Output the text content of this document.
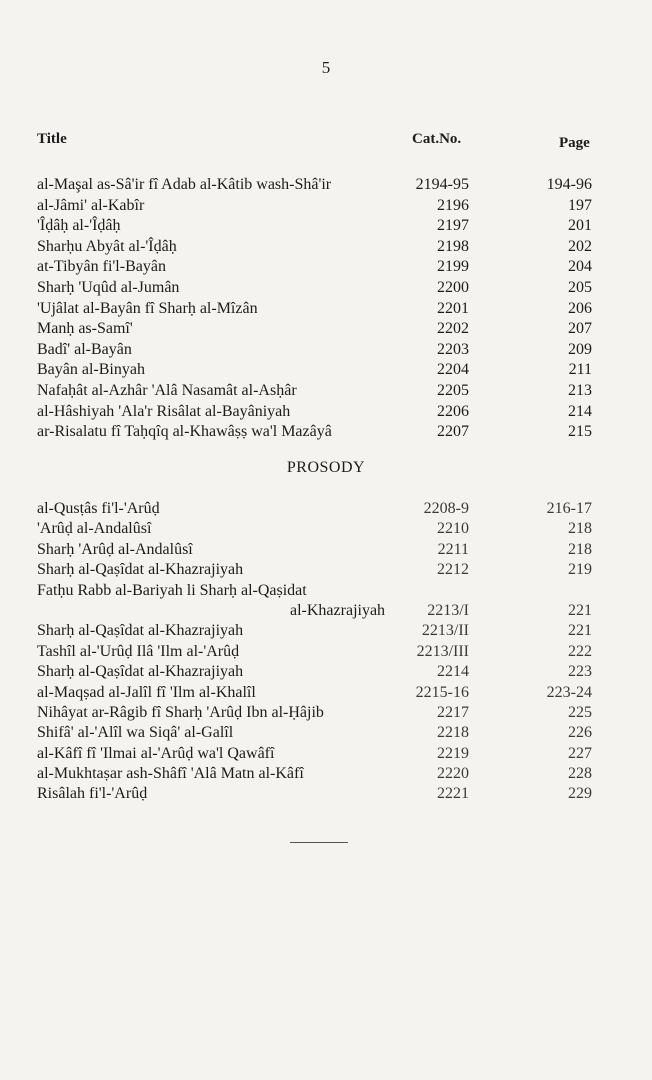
5
Title	Cat.No.	Page
al-Maşal as-Sâ'ir fî Adab al-Kâtib wash-Shâ'ir	2194-95	194-96
al-Jâmi' al-Kabîr	2196	197
'Îḍâḥ al-'Îḍâḥ	2197	201
Sharḥu Abyât al-'Îḍâḥ	2198	202
at-Tibyân fi'l-Bayân	2199	204
Sharḥ 'Uqûd al-Jumân	2200	205
'Ujâlat al-Bayân fî Sharḥ al-Mîzân	2201	206
Manḥ as-Samî'	2202	207
Badî' al-Bayân	2203	209
Bayân al-Binyah	2204	211
Nafaḥât al-Azhâr 'Alâ Nasamât al-Asḥâr	2205	213
al-Hâshiyah 'Ala'r Risâlat al-Bayâniyah	2206	214
ar-Risalatu fî Taḥqîq al-Khawâṣṣ wa'l Mazâyâ	2207	215
PROSODY
al-Qusṭâs fi'l-'Arûḍ	2208-9	216-17
'Arûḍ al-Andalûsî	2210	218
Sharḥ 'Arûḍ al-Andalûsî	2211	218
Sharḥ al-Qaṣîdat al-Khazrajiyah	2212	219
Fatḥu Rabb al-Bariyah li Sharḥ al-Qaṣidat
al-Khazrajiyah	2213/I	221
Sharḥ al-Qaṣîdat al-Khazrajiyah	2213/II	221
Tashîl al-'Urûḍ Ilâ 'Ilm al-'Arûḍ	2213/III	222
Sharḥ al-Qaṣîdat al-Khazrajiyah	2214	223
al-Maqṣad al-Jalîl fî 'Ilm al-Khalîl	2215-16	223-24
Nihâyat ar-Râgib fî Sharḥ 'Arûḍ Ibn al-Ḥâjib	2217	225
Shifâ' al-'Alîl wa Siqâ' al-Galîl	2218	226
al-Kâfî fî 'Ilmai al-'Arûḍ wa'l Qawâfî	2219	227
al-Mukhtaṣar ash-Shâfî 'Alâ Matn al-Kâfî	2220	228
Risâlah fi'l-'Arûḍ	2221	229
